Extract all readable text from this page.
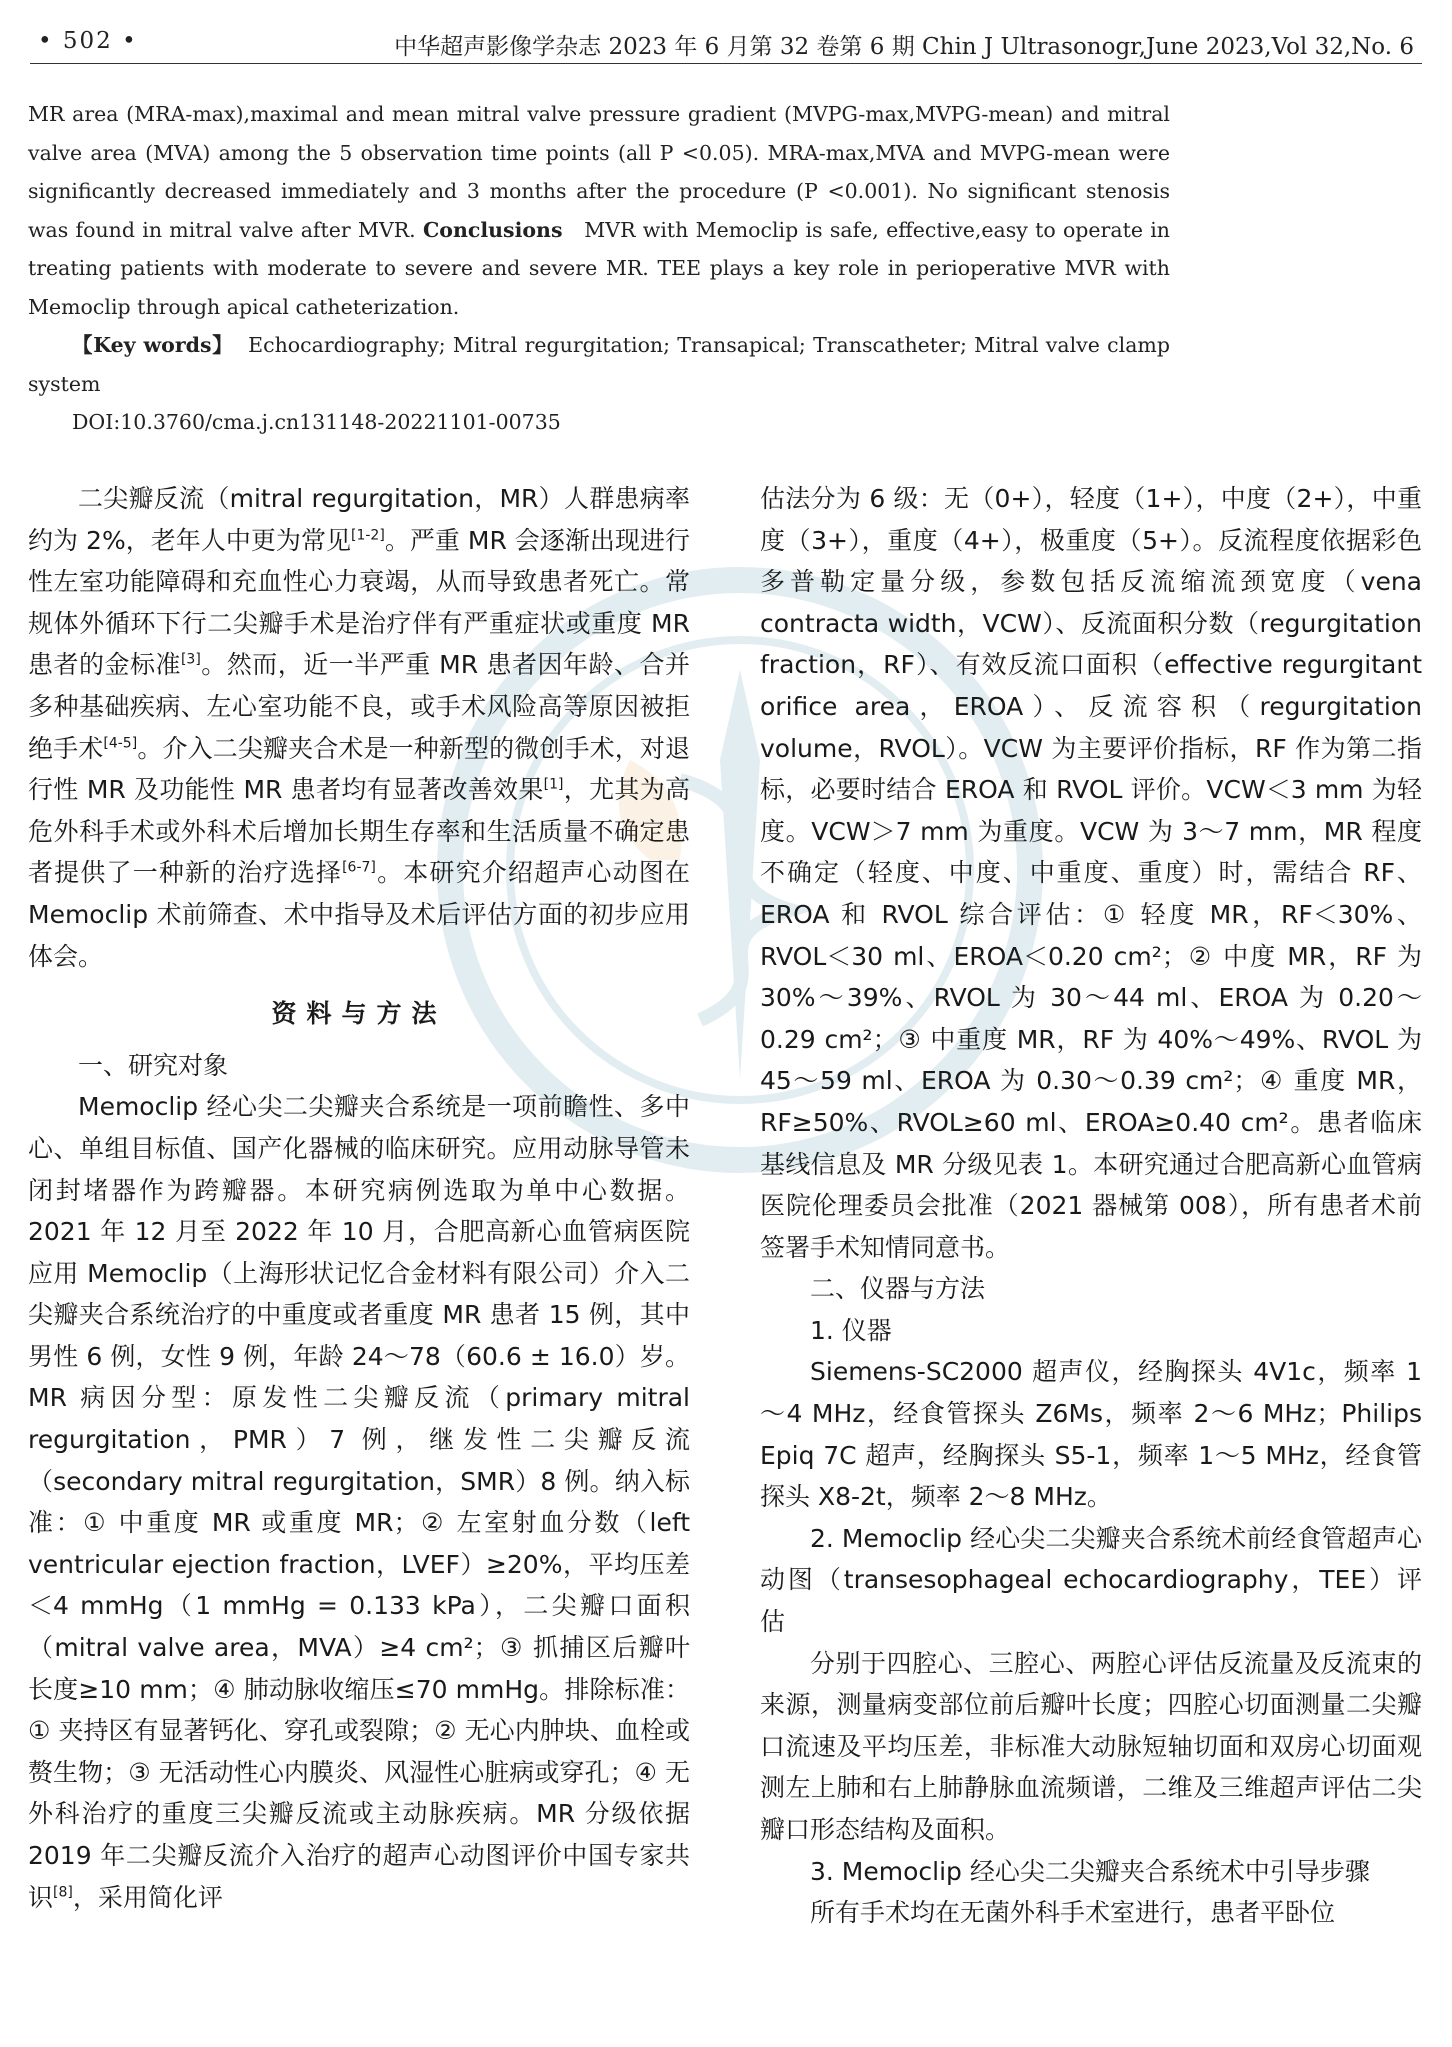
• 502 •	中华超声影像学杂志 2023 年 6 月第 32 卷第 6 期 Chin J Ultrasonogr,June 2023,Vol 32,No. 6

MR area (MRA-max),maximal and mean mitral valve pressure gradient (MVPG-max,MVPG-mean) and mitral valve area (MVA) among the 5 observation time points (all P <0.05). MRA-max,MVA and MVPG-mean were significantly decreased immediately and 3 months after the procedure (P <0.001). No significant stenosis was found in mitral valve after MVR. Conclusions MVR with Memoclip is safe, effective,easy to operate in treating patients with moderate to severe and severe MR. TEE plays a key role in perioperative MVR with Memoclip through apical catheterization.

【Key words】 Echocardiography; Mitral regurgitation; Transapical; Transcatheter; Mitral valve clamp system

DOI:10.3760/cma.j.cn131148-20221101-00735

二尖瓣反流（mitral regurgitation，MR）人群患病率约为 2%，老年人中更为常见[1-2]。严重 MR 会逐渐出现进行性左室功能障碍和充血性心力衰竭，从而导致患者死亡。常规体外循环下行二尖瓣手术是治疗伴有严重症状或重度 MR 患者的金标准[3]。然而，近一半严重 MR 患者因年龄、合并多种基础疾病、左心室功能不良，或手术风险高等原因被拒绝手术[4-5]。介入二尖瓣夹合术是一种新型的微创手术，对退行性 MR 及功能性 MR 患者均有显著改善效果[1]，尤其为高危外科手术或外科术后增加长期生存率和生活质量不确定患者提供了一种新的治疗选择[6-7]。本研究介绍超声心动图在 Memoclip 术前筛查、术中指导及术后评估方面的初步应用体会。

资料与方法

一、研究对象

Memoclip 经心尖二尖瓣夹合系统是一项前瞻性、多中心、单组目标值、国产化器械的临床研究。应用动脉导管未闭封堵器作为跨瓣器。本研究病例选取为单中心数据。2021 年 12 月至 2022 年 10 月，合肥高新心血管病医院应用 Memoclip（上海形状记忆合金材料有限公司）介入二尖瓣夹合系统治疗的中重度或者重度 MR 患者 15 例，其中男性 6 例，女性 9 例，年龄 24～78（60.6 ± 16.0）岁。MR 病因分型：原发性二尖瓣反流（primary mitral regurgitation，PMR）7 例，继发性二尖瓣反流（secondary mitral regurgitation，SMR）8 例。纳入标准：① 中重度 MR 或重度 MR；② 左室射血分数（left ventricular ejection fraction，LVEF）≥20%，平均压差＜4 mmHg（1 mmHg = 0.133 kPa），二尖瓣口面积（mitral valve area，MVA）≥4 cm²；③ 抓捕区后瓣叶长度≥10 mm；④ 肺动脉收缩压≤70 mmHg。排除标准：① 夹持区有显著钙化、穿孔或裂隙；② 无心内肿块、血栓或赘生物；③ 无活动性心内膜炎、风湿性心脏病或穿孔；④ 无外科治疗的重度三尖瓣反流或主动脉疾病。MR 分级依据 2019 年二尖瓣反流介入治疗的超声心动图评价中国专家共识[8]，采用简化评

估法分为 6 级：无（0+），轻度（1+），中度（2+），中重度（3+），重度（4+），极重度（5+）。反流程度依据彩色多普勒定量分级，参数包括反流缩流颈宽度（vena contracta width，VCW）、反流面积分数（regurgitation fraction，RF）、有效反流口面积（effective regurgitant orifice area，EROA）、反流容积（regurgitation volume，RVOL）。VCW 为主要评价指标，RF 作为第二指标，必要时结合 EROA 和 RVOL 评价。VCW＜3 mm 为轻度。VCW＞7 mm 为重度。VCW 为 3～7 mm，MR 程度不确定（轻度、中度、中重度、重度）时，需结合 RF、EROA 和 RVOL 综合评估：① 轻度 MR，RF＜30%、RVOL＜30 ml、EROA＜0.20 cm²；② 中度 MR，RF 为 30%～39%、RVOL 为 30～44 ml、EROA 为 0.20～0.29 cm²；③ 中重度 MR，RF 为 40%～49%、RVOL 为 45～59 ml、EROA 为 0.30～0.39 cm²；④ 重度 MR，RF≥50%、RVOL≥60 ml、EROA≥0.40 cm²。患者临床基线信息及 MR 分级见表 1。本研究通过合肥高新心血管病医院伦理委员会批准（2021 器械第 008），所有患者术前签署手术知情同意书。

二、仪器与方法

1. 仪器

Siemens-SC2000 超声仪，经胸探头 4V1c，频率 1～4 MHz，经食管探头 Z6Ms，频率 2～6 MHz；Philips Epiq 7C 超声，经胸探头 S5-1，频率 1～5 MHz，经食管探头 X8-2t，频率 2～8 MHz。

2. Memoclip 经心尖二尖瓣夹合系统术前经食管超声心动图（transesophageal echocardiography，TEE）评估

分别于四腔心、三腔心、两腔心评估反流量及反流束的来源，测量病变部位前后瓣叶长度；四腔心切面测量二尖瓣口流速及平均压差，非标准大动脉短轴切面和双房心切面观测左上肺和右上肺静脉血流频谱，二维及三维超声评估二尖瓣口形态结构及面积。

3. Memoclip 经心尖二尖瓣夹合系统术中引导步骤

所有手术均在无菌外科手术室进行，患者平卧位
